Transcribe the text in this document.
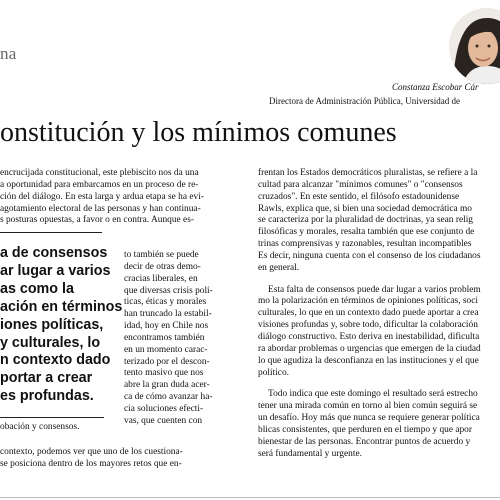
na
Constanza Escobar Cár
Directora de Administración Pública, Universidad de
onstitución y los mínimos comunes

encrucijada constitucional, este plebiscito nos da una

a oportunidad para embarcamos en un proceso de re-

ción del diálogo. En esta larga y ardua etapa se ha evi-

agotamiento electoral de las personas y han continua-

s posturas opuestas, a favor o en contra. Aunque es-

a de consensos

ar lugar a varios

as como la

ación en términos

iones políticas,

y culturales, lo

n contexto dado

portar a crear

es profundas.

obación y consensos.

contexto, podemos ver que uno de los cuestiona-

se posiciona dentro de los mayores retos que en-

to también se puede

decir de otras demo-

cracias liberales, en

que diversas crisis polí-

ticas, éticas y morales

han truncado la estabil-

idad, hoy en Chile nos

encontramos también

en un momento carac-

terizado por el descon-

tento masivo que nos

abre la gran duda acer-

ca de cómo avanzar ha-

cia soluciones efecti-

vas, que cuenten con

frentan los Estados democráticos pluralistas, se refiere a la

cultad para alcanzar "mínimos comunes" o "consensos

cruzados". En este sentido, el filósofo estadounidense

Rawls, explica que, si bien una sociedad democrática mo

se caracteriza por la pluralidad de doctrinas, ya sean relig

filosóficas y morales, resalta también que ese conjunto de

trinas comprensivas y razonables, resultan incompatibles

Es decir, ninguna cuenta con el consenso de los ciudadanos

en general.

Esta falta de consensos puede dar lugar a varios problem

mo la polarización en términos de opiniones políticas, soci

culturales, lo que en un contexto dado puede aportar a crea

visiones profundas y, sobre todo, dificultar la colaboración

diálogo constructivo. Esto deriva en inestabilidad, dificulta

ra abordar problemas o urgencias que emergen de la ciudad

lo que agudiza la desconfianza en las instituciones y el que

político.

Todo indica que este domingo el resultado será estrecho

tener una mirada común en torno al bien común seguirá se

un desafío. Hoy más que nunca se requiere generar política

blicas consistentes, que perduren en el tiempo y que apor

bienestar de las personas. Encontrar puntos de acuerdo y

será fundamental y urgente.
